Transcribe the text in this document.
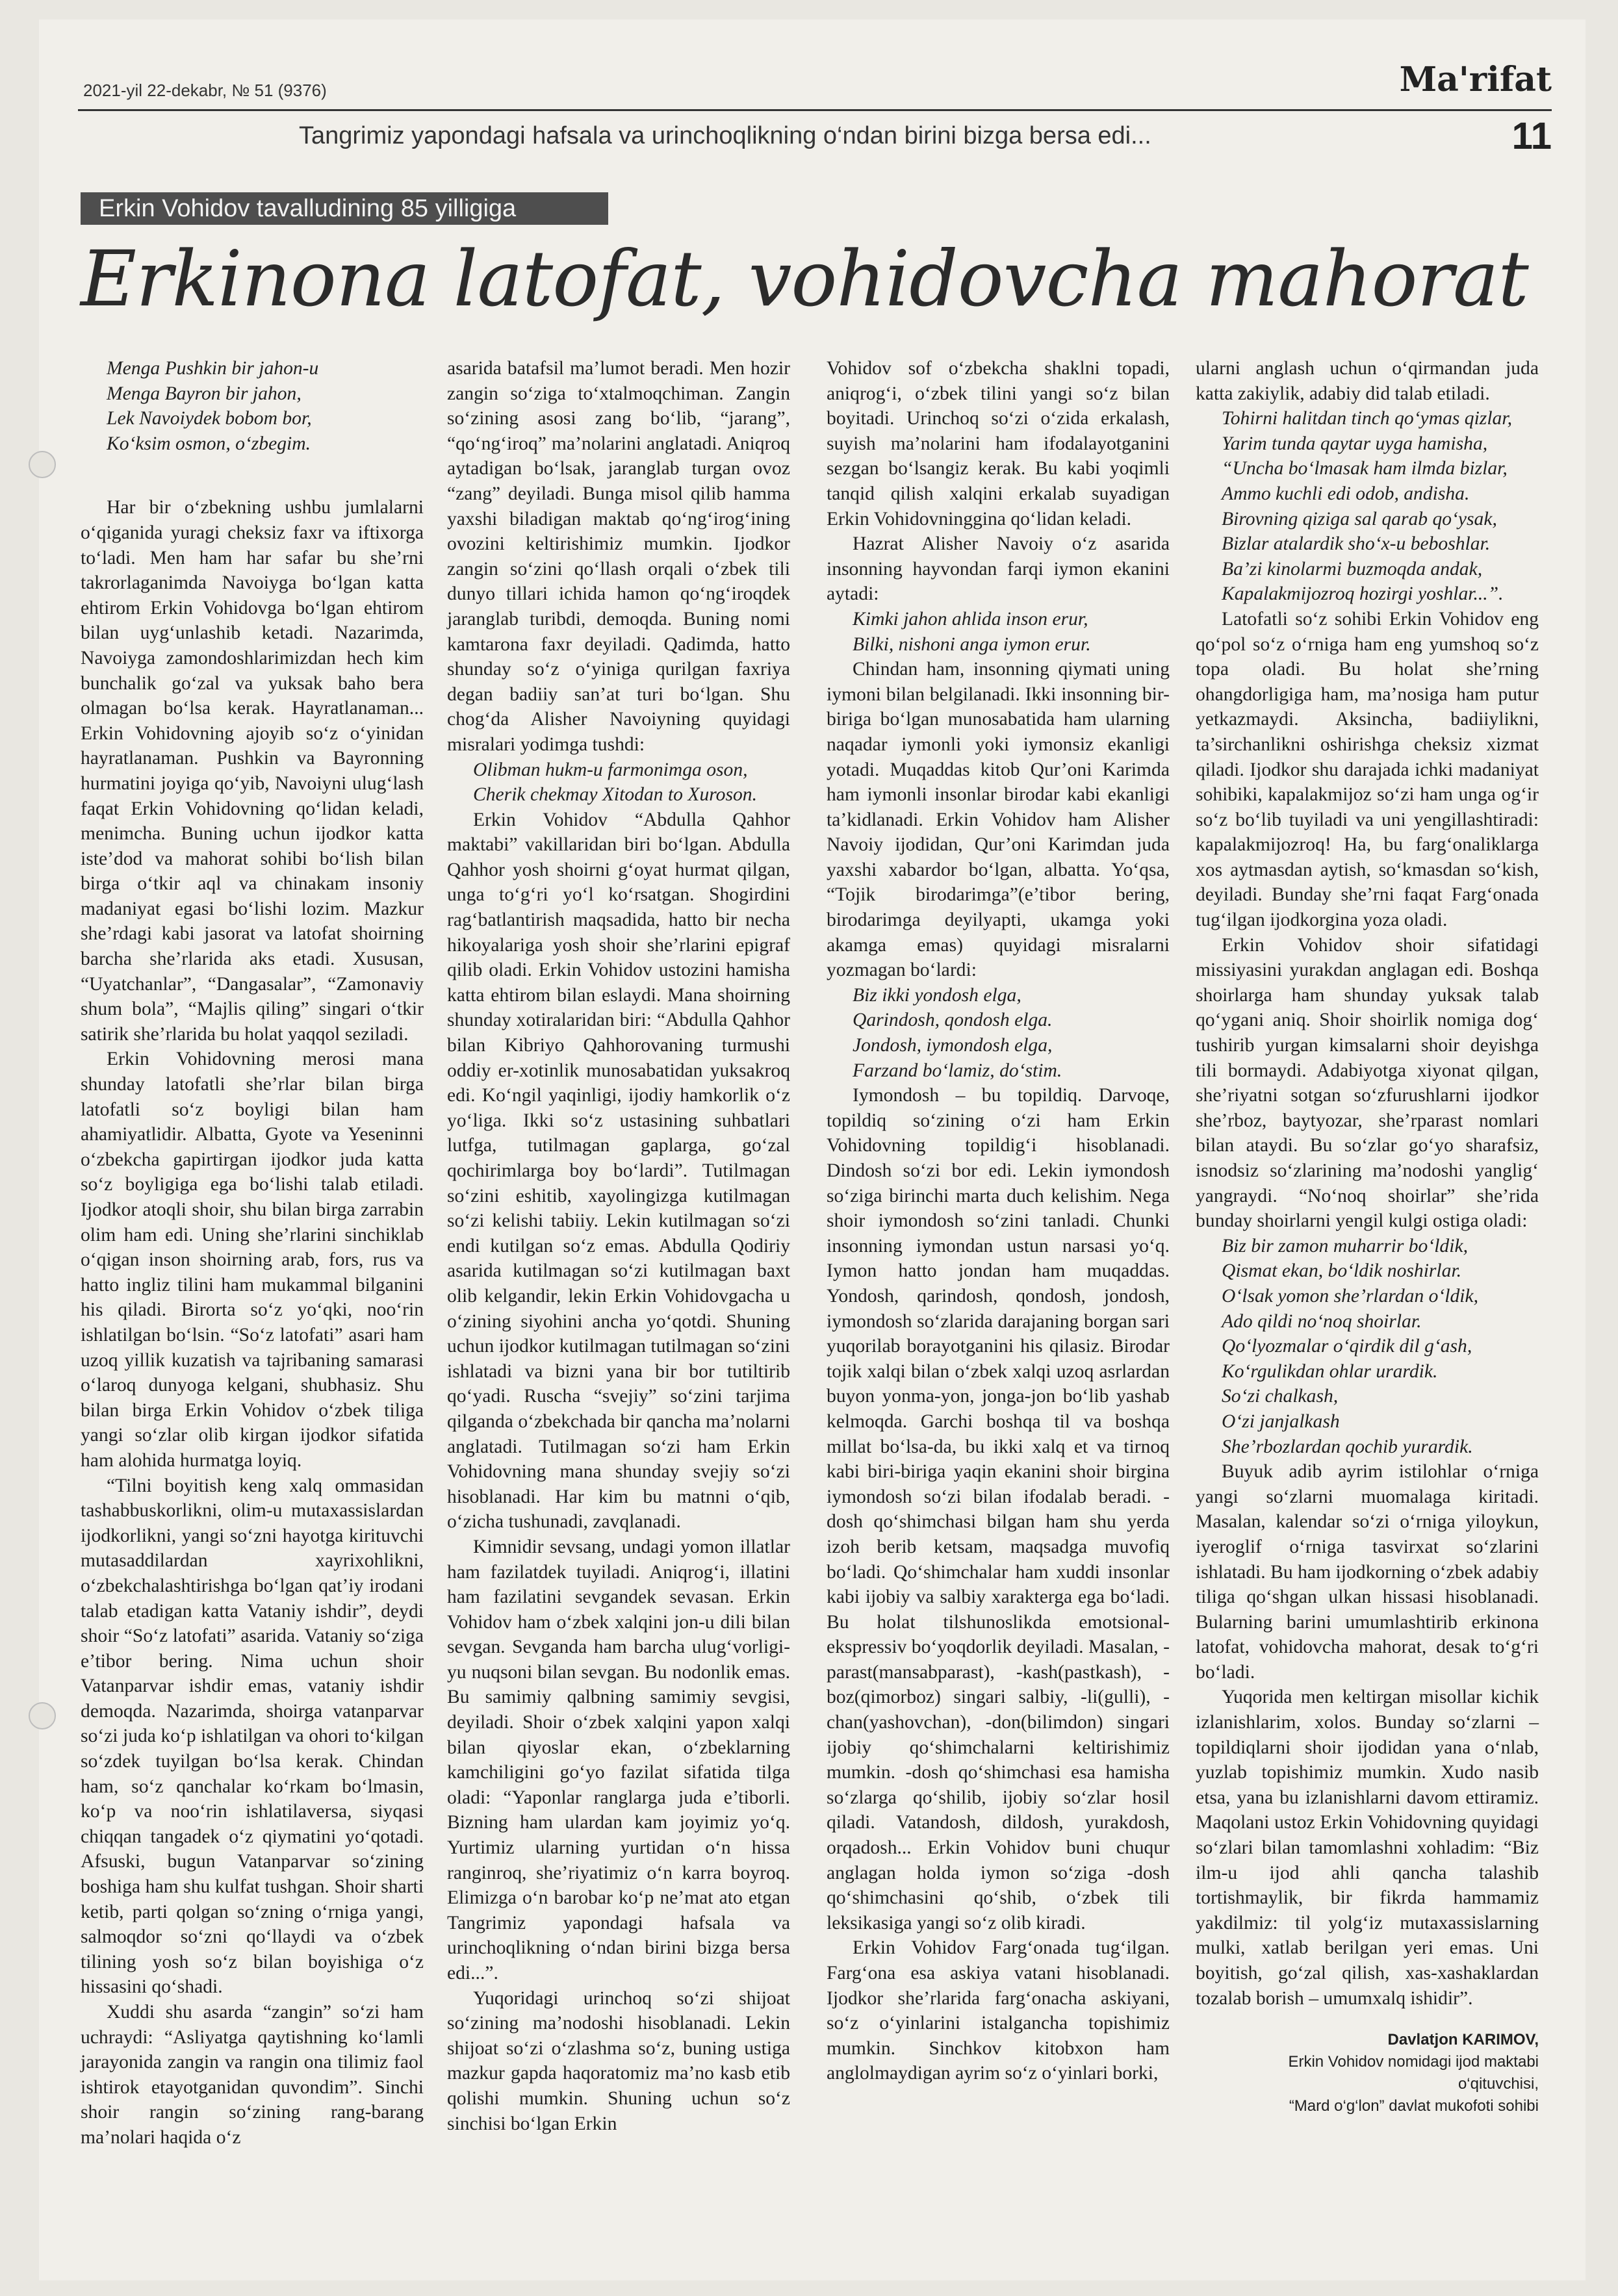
2021-yil 22-dekabr, № 51 (9376)	Ma'rifat
Tangrimiz yapondagi hafsala va urinchoqlikning o‘ndan birini bizga bersa edi...	11
Erkin Vohidov tavalludining 85 yilligiga
Erkinona latofat, vohidovcha mahorat
Menga Pushkin bir jahon-u
Menga Bayron bir jahon,
Lek Navoiydek bobom bor,
Ko‘ksim osmon, o‘zbegim.

Har bir o‘zbekning ushbu jumlalarni o‘qiganida yuragi cheksiz faxr va iftixorga to‘ladi. Men ham har safar bu she’rni takrorlaganimda Navoiyga bo‘lgan katta ehtirom Erkin Vohidovga bo‘lgan ehtirom bilan uyg‘unlashib ketadi. Nazarimda, Navoiyga zamondoshlarimizdan hech kim bunchalik go‘zal va yuksak baho bera olmagan bo‘lsa kerak. Hayratlanaman... Erkin Vohidovning ajoyib so‘z o‘yinidan hayratlanaman. Pushkin va Bayronning hurmatini joyiga qo‘yib, Navoiyni ulug‘lash faqat Erkin Vohidovning qo‘lidan keladi, menimcha. Buning uchun ijodkor katta iste’dod va mahorat sohibi bo‘lish bilan birga o‘tkir aql va chinakam insoniy madaniyat egasi bo‘lishi lozim. Mazkur she’rdagi kabi jasorat va latofat shoirning barcha she’rlarida aks etadi. Xususan, “Uyatchanlar”, “Dangasalar”, “Zamonaviy shum bola”, “Majlis qiling” singari o‘tkir satirik she’rlarida bu holat yaqqol seziladi.

Erkin Vohidovning merosi mana shunday latofatli she’rlar bilan birga latofatli so‘z boyligi bilan ham ahamiyatlidir. Albatta, Gyote va Yeseninni o‘zbekcha gapirtirgan ijodkor juda katta so‘z boyligiga ega bo‘lishi talab etiladi. Ijodkor atoqli shoir, shu bilan birga zarrabin olim ham edi. Uning she’rlarini sinchiklab o‘qigan inson shoirning arab, fors, rus va hatto ingliz tilini ham mukammal bilganini his qiladi. Birorta so‘z yo‘qki, noo‘rin ishlatilgan bo‘lsin. “So‘z latofati” asari ham uzoq yillik kuzatish va tajribaning samarasi o‘laroq dunyoga kelgani, shubhasiz. Shu bilan birga Erkin Vohidov o‘zbek tiliga yangi so‘zlar olib kirgan ijodkor sifatida ham alohida hurmatga loyiq.

“Tilni boyitish keng xalq ommasidan tashabbuskorlikni, olim-u mutaxassislardan ijodkorlikni, yangi so‘zni hayotga kirituvchi mutasaddilardan xayrixohlikni, o‘zbekchalashtirishga bo‘lgan qat’iy irodani talab etadigan katta Vataniy ishdir”, deydi shoir “So‘z latofati” asarida. Vataniy so‘ziga e’tibor bering. Nima uchun shoir Vatanparvar ishdir emas, vataniy ishdir demoqda. Nazarimda, shoirga vatanparvar so‘zi juda ko‘p ishlatilgan va ohori to‘kilgan so‘zdek tuyilgan bo‘lsa kerak. Chindan ham, so‘z qanchalar ko‘rkam bo‘lmasin, ko‘p va noo‘rin ishlatilaversa, siyqasi chiqqan tangadek o‘z qiymatini yo‘qotadi. Afsuski, bugun Vatanparvar so‘zining boshiga ham shu kulfat tushgan. Shoir sharti ketib, parti qolgan so‘zning o‘rniga yangi, salmoqdor so‘zni qo‘llaydi va o‘zbek tilining yosh so‘z bilan boyishiga o‘z hissasini qo‘shadi.

Xuddi shu asarda “zangin” so‘zi ham uchraydi: “Asliyatga qaytishning ko‘lamli jarayonida zangin va rangin ona tilimiz faol ishtirok etayotganidan quvondim”. Sinchi shoir rangin so‘zining rang-barang ma’nolari haqida o‘z

asarida batafsil ma’lumot beradi. Men hozir zangin so‘ziga to‘xtalmoqchiman. Zangin so‘zining asosi zang bo‘lib, “jarang”, “qo‘ng‘iroq” ma’nolarini anglatadi. Aniqroq aytadigan bo‘lsak, jaranglab turgan ovoz “zang” deyiladi. Bunga misol qilib hamma yaxshi biladigan maktab qo‘ng‘irog‘ining ovozini keltirishimiz mumkin. Ijodkor zangin so‘zini qo‘llash orqali o‘zbek tili dunyo tillari ichida hamon qo‘ng‘iroqdek jaranglab turibdi, demoqda. Buning nomi kamtarona faxr deyiladi. Qadimda, hatto shunday so‘z o‘yiniga qurilgan faxriya degan badiiy san’at turi bo‘lgan. Shu chog‘da Alisher Navoiyning quyidagi misralari yodimga tushdi:

Olibman hukm-u farmonimga oson,
Cherik chekmay Xitodan to Xuroson.

Erkin Vohidov “Abdulla Qahhor maktabi” vakillaridan biri bo‘lgan. Abdulla Qahhor yosh shoirni g‘oyat hurmat qilgan, unga to‘g‘ri yo‘l ko‘rsatgan. Shogirdini rag‘batlantirish maqsadida, hatto bir necha hikoyalariga yosh shoir she’rlarini epigraf qilib oladi. Erkin Vohidov ustozini hamisha katta ehtirom bilan eslaydi. Mana shoirning shunday xotiralaridan biri: “Abdulla Qahhor bilan Kibriyo Qahhorovaning turmushi oddiy er-xotinlik munosabatidan yuksakroq edi. Ko‘ngil yaqinligi, ijodiy hamkorlik o‘z yo‘liga. Ikki so‘z ustasining suhbatlari lutfga, tutilmagan gaplarga, go‘zal qochirimlarga boy bo‘lardi”. Tutilmagan so‘zini eshitib, xayolingizga kutilmagan so‘zi kelishi tabiiy. Lekin kutilmagan so‘zi endi kutilgan so‘z emas. Abdulla Qodiriy asarida kutilmagan so‘zi kutilmagan baxt olib kelgandir, lekin Erkin Vohidovgacha u o‘zining siyohini ancha yo‘qotdi. Shuning uchun ijodkor kutilmagan tutilmagan so‘zini ishlatadi va bizni yana bir bor tutiltirib qo‘yadi. Ruscha “svejiy” so‘zini tarjima qilganda o‘zbekchada bir qancha ma’nolarni anglatadi. Tutilmagan so‘zi ham Erkin Vohidovning mana shunday svejiy so‘zi hisoblanadi. Har kim bu matnni o‘qib, o‘zicha tushunadi, zavqlanadi.

Kimnidir sevsang, undagi yomon illatlar ham fazilatdek tuyiladi. Aniqrog‘i, illatini ham fazilatini sevgandek sevasan. Erkin Vohidov ham o‘zbek xalqini jon-u dili bilan sevgan. Sevganda ham barcha ulug‘vorligi-yu nuqsoni bilan sevgan. Bu nodonlik emas. Bu samimiy qalbning samimiy sevgisi, deyiladi. Shoir o‘zbek xalqini yapon xalqi bilan qiyoslar ekan, o‘zbeklarning kamchiligini go‘yo fazilat sifatida tilga oladi: “Yaponlar ranglarga juda e’tiborli. Bizning ham ulardan kam joyimiz yo‘q. Yurtimiz ularning yurtidan o‘n hissa ranginroq, she’riyatimiz o‘n karra boyroq. Elimizga o‘n barobar ko‘p ne’mat ato etgan Tangrimiz yapondagi hafsala va urinchoqlikning o‘ndan birini bizga bersa edi...”.

Yuqoridagi urinchoq so‘zi shijoat so‘zining ma’nodoshi hisoblanadi. Lekin shijoat so‘zi o‘zlashma so‘z, buning ustiga mazkur gapda haqoratomiz ma’no kasb etib qolishi mumkin. Shuning uchun so‘z sinchisi bo‘lgan Erkin

Vohidov sof o‘zbekcha shaklni topadi, aniqrog‘i, o‘zbek tilini yangi so‘z bilan boyitadi. Urinchoq so‘zi o‘zida erkalash, suyish ma’nolarini ham ifodalayotganini sezgan bo‘lsangiz kerak. Bu kabi yoqimli tanqid qilish xalqini erkalab suyadigan Erkin Vohidovninggina qo‘lidan keladi.

Hazrat Alisher Navoiy o‘z asarida insonning hayvondan farqi iymon ekanini aytadi:

Kimki jahon ahlida inson erur,
Bilki, nishoni anga iymon erur.

Chindan ham, insonning qiymati uning iymoni bilan belgilanadi. Ikki insonning bir-biriga bo‘lgan munosabatida ham ularning naqadar iymonli yoki iymonsiz ekanligi yotadi. Muqaddas kitob Qur’oni Karimda ham iymonli insonlar birodar kabi ekanligi ta’kidlanadi. Erkin Vohidov ham Alisher Navoiy ijodidan, Qur’oni Karimdan juda yaxshi xabardor bo‘lgan, albatta. Yo‘qsa, “Tojik birodarimga”(e’tibor bering, birodarimga deyilyapti, ukamga yoki akamga emas) quyidagi misralarni yozmagan bo‘lardi:

Biz ikki yondosh elga,
Qarindosh, qondosh elga.
Jondosh, iymondosh elga,
Farzand bo‘lamiz, do‘stim.

Iymondosh – bu topildiq. Darvoqe, topildiq so‘zining o‘zi ham Erkin Vohidovning topildig‘i hisoblanadi. Dindosh so‘zi bor edi. Lekin iymondosh so‘ziga birinchi marta duch kelishim. Nega shoir iymondosh so‘zini tanladi. Chunki insonning iymondan ustun narsasi yo‘q. Iymon hatto jondan ham muqaddas. Yondosh, qarindosh, qondosh, jondosh, iymondosh so‘zlarida darajaning borgan sari yuqorilab borayotganini his qilasiz. Birodar tojik xalqi bilan o‘zbek xalqi uzoq asrlardan buyon yonma-yon, jonga-jon bo‘lib yashab kelmoqda. Garchi boshqa til va boshqa millat bo‘lsa-da, bu ikki xalq et va tirnoq kabi biri-biriga yaqin ekanini shoir birgina iymondosh so‘zi bilan ifodalab beradi. -dosh qo‘shimchasi bilgan ham shu yerda izoh berib ketsam, maqsadga muvofiq bo‘ladi. Qo‘shimchalar ham xuddi insonlar kabi ijobiy va salbiy xarakterga ega bo‘ladi. Bu holat tilshunoslikda emotsional-ekspressiv bo‘yoqdorlik deyiladi. Masalan, -parast(mansabparast), -kash(pastkash), -boz(qimorboz) singari salbiy, -li(gulli), -chan(yashovchan), -don(bilimdon) singari ijobiy qo‘shimchalarni keltirishimiz mumkin. -dosh qo‘shimchasi esa hamisha so‘zlarga qo‘shilib, ijobiy so‘zlar hosil qiladi. Vatandosh, dildosh, yurakdosh, orqadosh... Erkin Vohidov buni chuqur anglagan holda iymon so‘ziga -dosh qo‘shimchasini qo‘shib, o‘zbek tili leksikasiga yangi so‘z olib kiradi.

Erkin Vohidov Farg‘onada tug‘ilgan. Farg‘ona esa askiya vatani hisoblanadi. Ijodkor she’rlarida farg‘onacha askiyani, so‘z o‘yinlarini istalgancha topishimiz mumkin. Sinchkov kitobxon ham anglolmaydigan ayrim so‘z o‘yinlari borki,

ularni anglash uchun o‘qirmandan juda katta zakiylik, adabiy did talab etiladi.

Tohirni halitdan tinch qo‘ymas qizlar,
Yarim tunda qaytar uyga hamisha,
“Uncha bo‘lmasak ham ilmda bizlar,
Ammo kuchli edi odob, andisha.
Birovning qiziga sal qarab qo‘ysak,
Bizlar atalardik sho‘x-u beboshlar.
Ba’zi kinolarmi buzmoqda andak,
Kapalakmijozroq hozirgi yoshlar...”.

Latofatli so‘z sohibi Erkin Vohidov eng qo‘pol so‘z o‘rniga ham eng yumshoq so‘z topa oladi. Bu holat she’rning ohangdorligiga ham, ma’nosiga ham putur yetkazmaydi. Aksincha, badiiylikni, ta’sirchanlikni oshirishga cheksiz xizmat qiladi. Ijodkor shu darajada ichki madaniyat sohibiki, kapalakmijoz so‘zi ham unga og‘ir so‘z bo‘lib tuyiladi va uni yengillashtiradi: kapalakmijozroq! Ha, bu farg‘onaliklarga xos aytmasdan aytish, so‘kmasdan so‘kish, deyiladi. Bunday she’rni faqat Farg‘onada tug‘ilgan ijodkorgina yoza oladi.

Erkin Vohidov shoir sifatidagi missiyasini yurakdan anglagan edi. Boshqa shoirlarga ham shunday yuksak talab qo‘ygani aniq. Shoir shoirlik nomiga dog‘ tushirib yurgan kimsalarni shoir deyishga tili bormaydi. Adabiyotga xiyonat qilgan, she’riyatni sotgan so‘zfurushlarni ijodkor she’rboz, baytyozar, she’rparast nomlari bilan ataydi. Bu so‘zlar go‘yo sharafsiz, isnodsiz so‘zlarining ma’nodoshi yanglig‘ yangraydi. “No‘noq shoirlar” she’rida bunday shoirlarni yengil kulgi ostiga oladi:

Biz bir zamon muharrir bo‘ldik,
Qismat ekan, bo‘ldik noshirlar.
O‘lsak yomon she’rlardan o‘ldik,
Ado qildi no‘noq shoirlar.
Qo‘lyozmalar o‘qirdik dil g‘ash,
Ko‘rgulikdan ohlar urardik.
So‘zi chalkash,
O‘zi janjalkash
She’rbozlardan qochib yurardik.

Buyuk adib ayrim istilohlar o‘rniga yangi so‘zlarni muomalaga kiritadi. Masalan, kalendar so‘zi o‘rniga yiloykun, iyeroglif o‘rniga tasvirxat so‘zlarini ishlatadi. Bu ham ijodkorning o‘zbek adabiy tiliga qo‘shgan ulkan hissasi hisoblanadi. Bularning barini umumlashtirib erkinona latofat, vohidovcha mahorat, desak to‘g‘ri bo‘ladi.

Yuqorida men keltirgan misollar kichik izlanishlarim, xolos. Bunday so‘zlarni – topildiqlarni shoir ijodidan yana o‘nlab, yuzlab topishimiz mumkin. Xudo nasib etsa, yana bu izlanishlarni davom ettiramiz. Maqolani ustoz Erkin Vohidovning quyidagi so‘zlari bilan tamomlashni xohladim: “Biz ilm-u ijod ahli qancha talashib tortishmaylik, bir fikrda hammamiz yakdilmiz: til yolg‘iz mutaxassislarning mulki, xatlab berilgan yeri emas. Uni boyitish, go‘zal qilish, xas-xashaklardan tozalab borish – umumxalq ishidir”.

Davlatjon KARIMOV,
Erkin Vohidov nomidagi ijod maktabi
o‘qituvchisi,
“Mard o‘g‘lon” davlat mukofoti sohibi
